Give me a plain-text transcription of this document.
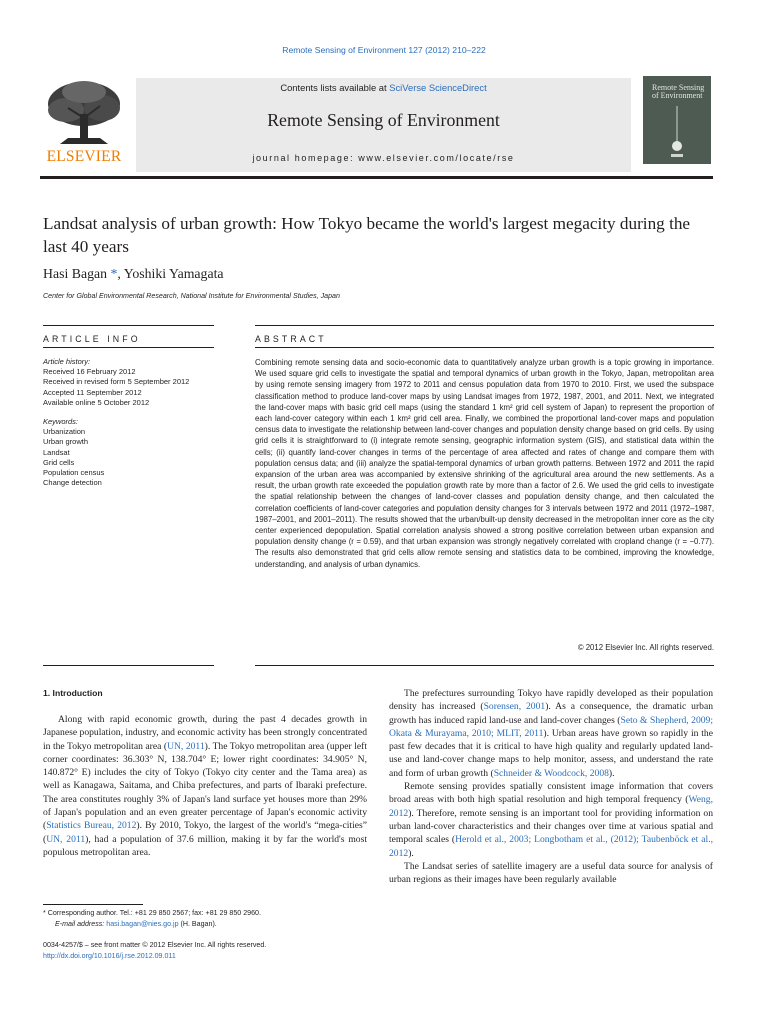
Remote Sensing of Environment 127 (2012) 210–222
ELSEVIER
Contents lists available at SciVerse ScienceDirect
Remote Sensing of Environment
journal homepage: www.elsevier.com/locate/rse
Remote Sensing of Environment
Landsat analysis of urban growth: How Tokyo became the world's largest megacity during the last 40 years
Hasi Bagan *, Yoshiki Yamagata
Center for Global Environmental Research, National Institute for Environmental Studies, Japan
ARTICLE INFO	ABSTRACT
Article history:
Received 16 February 2012
Received in revised form 5 September 2012
Accepted 11 September 2012
Available online 5 October 2012
Keywords:
Urbanization
Urban growth
Landsat
Grid cells
Population census
Change detection
Combining remote sensing data and socio-economic data to quantitatively analyze urban growth is a topic growing in importance. We used square grid cells to investigate the spatial and temporal dynamics of urban growth in the Tokyo, Japan, metropolitan area by using remote sensing imagery from 1972 to 2011 and census population data from 1970 to 2010. First, we used the subspace classification method to produce land-cover maps by using Landsat images from 1972, 1987, 2001, and 2011. Next, we integrated the land-cover maps with basic grid cell maps (using the standard 1 km² grid cell system of Japan) to represent the proportion of each land-cover category within each 1 km² grid cell area. Finally, we combined the proportional land-cover maps and population census data to investigate the relationship between land-cover changes and population density change based on grid cells. By using grid cells it is straightforward to (i) integrate remote sensing, geographic information system (GIS), and statistical data within the cells; (ii) quantify land-cover changes in terms of the percentage of area affected and rates of change and compare them with population census data; and (iii) analyze the spatial-temporal dynamics of urban growth patterns. Between 1972 and 2011 the rapid expansion of the urban area was accompanied by extensive shrinking of the agricultural area around the new settlements. As a result, the urban growth rate exceeded the population growth rate by more than a factor of 2.6. We used the grid cells to investigate the spatial relationship between the changes of land-cover classes and population density change, and then calculated the correlation coefficients of land-cover categories and population density changes for 3 intervals between 1972 and 2011 (1972–1987, 1987–2001, and 2001–2011). The results showed that the urban/built-up density decreased in the metropolitan inner core as the city center experienced depopulation. Spatial correlation analysis showed a strong positive correlation between urban expansion and population density change (r = 0.59), and that urban expansion was strongly negatively correlated with cropland change (r = −0.77). The results also demonstrated that grid cells allow remote sensing and statistics data to be combined, improving the knowledge, understanding, and analysis of urban dynamics.
© 2012 Elsevier Inc. All rights reserved.
1. Introduction

Along with rapid economic growth, during the past 4 decades growth in Japanese population, industry, and economic activity has been strongly concentrated in the Tokyo metropolitan area (UN, 2011). The Tokyo metropolitan area (upper left corner coordinates: 36.303° N, 138.704° E; lower right coordinates: 34.905° N, 140.872° E) includes the city of Tokyo (Tokyo city center and the Tama area) as well as Kanagawa, Saitama, and Chiba prefectures, and parts of Ibaraki prefecture. The area constitutes roughly 3% of Japan's land surface yet houses more than 29% of Japan's population and an even greater percentage of Japan's economic activity (Statistics Bureau, 2012). By 2010, Tokyo, the largest of the world's “mega-cities” (UN, 2011), had a population of 37.6 million, making it by far the world's most populous metropolitan area.

The prefectures surrounding Tokyo have rapidly developed as their population density has increased (Sorensen, 2001). As a consequence, the dramatic urban growth has induced rapid land-use and land-cover changes (Seto & Shepherd, 2009; Okata & Murayama, 2010; MLIT, 2011). Urban areas have grown so rapidly in the past few decades that it is critical to have high quality and regularly updated land-use and land-cover change maps to help monitor, assess, and understand the rate and form of urban growth (Schneider & Woodcock, 2008).

Remote sensing provides spatially consistent image information that covers broad areas with both high spatial resolution and high temporal frequency (Weng, 2012). Therefore, remote sensing is an important tool for providing information on urban land-cover characteristics and their changes over time at various spatial and temporal scales (Herold et al., 2003; Longbotham et al., (2012); Taubenböck et al., 2012).

The Landsat series of satellite imagery are a useful data source for analysis of urban regions as their images have been regularly available

* Corresponding author. Tel.: +81 29 850 2567; fax: +81 29 850 2960.
E-mail address: hasi.bagan@nies.go.jp (H. Bagan).
0034-4257/$ – see front matter © 2012 Elsevier Inc. All rights reserved.
http://dx.doi.org/10.1016/j.rse.2012.09.011
